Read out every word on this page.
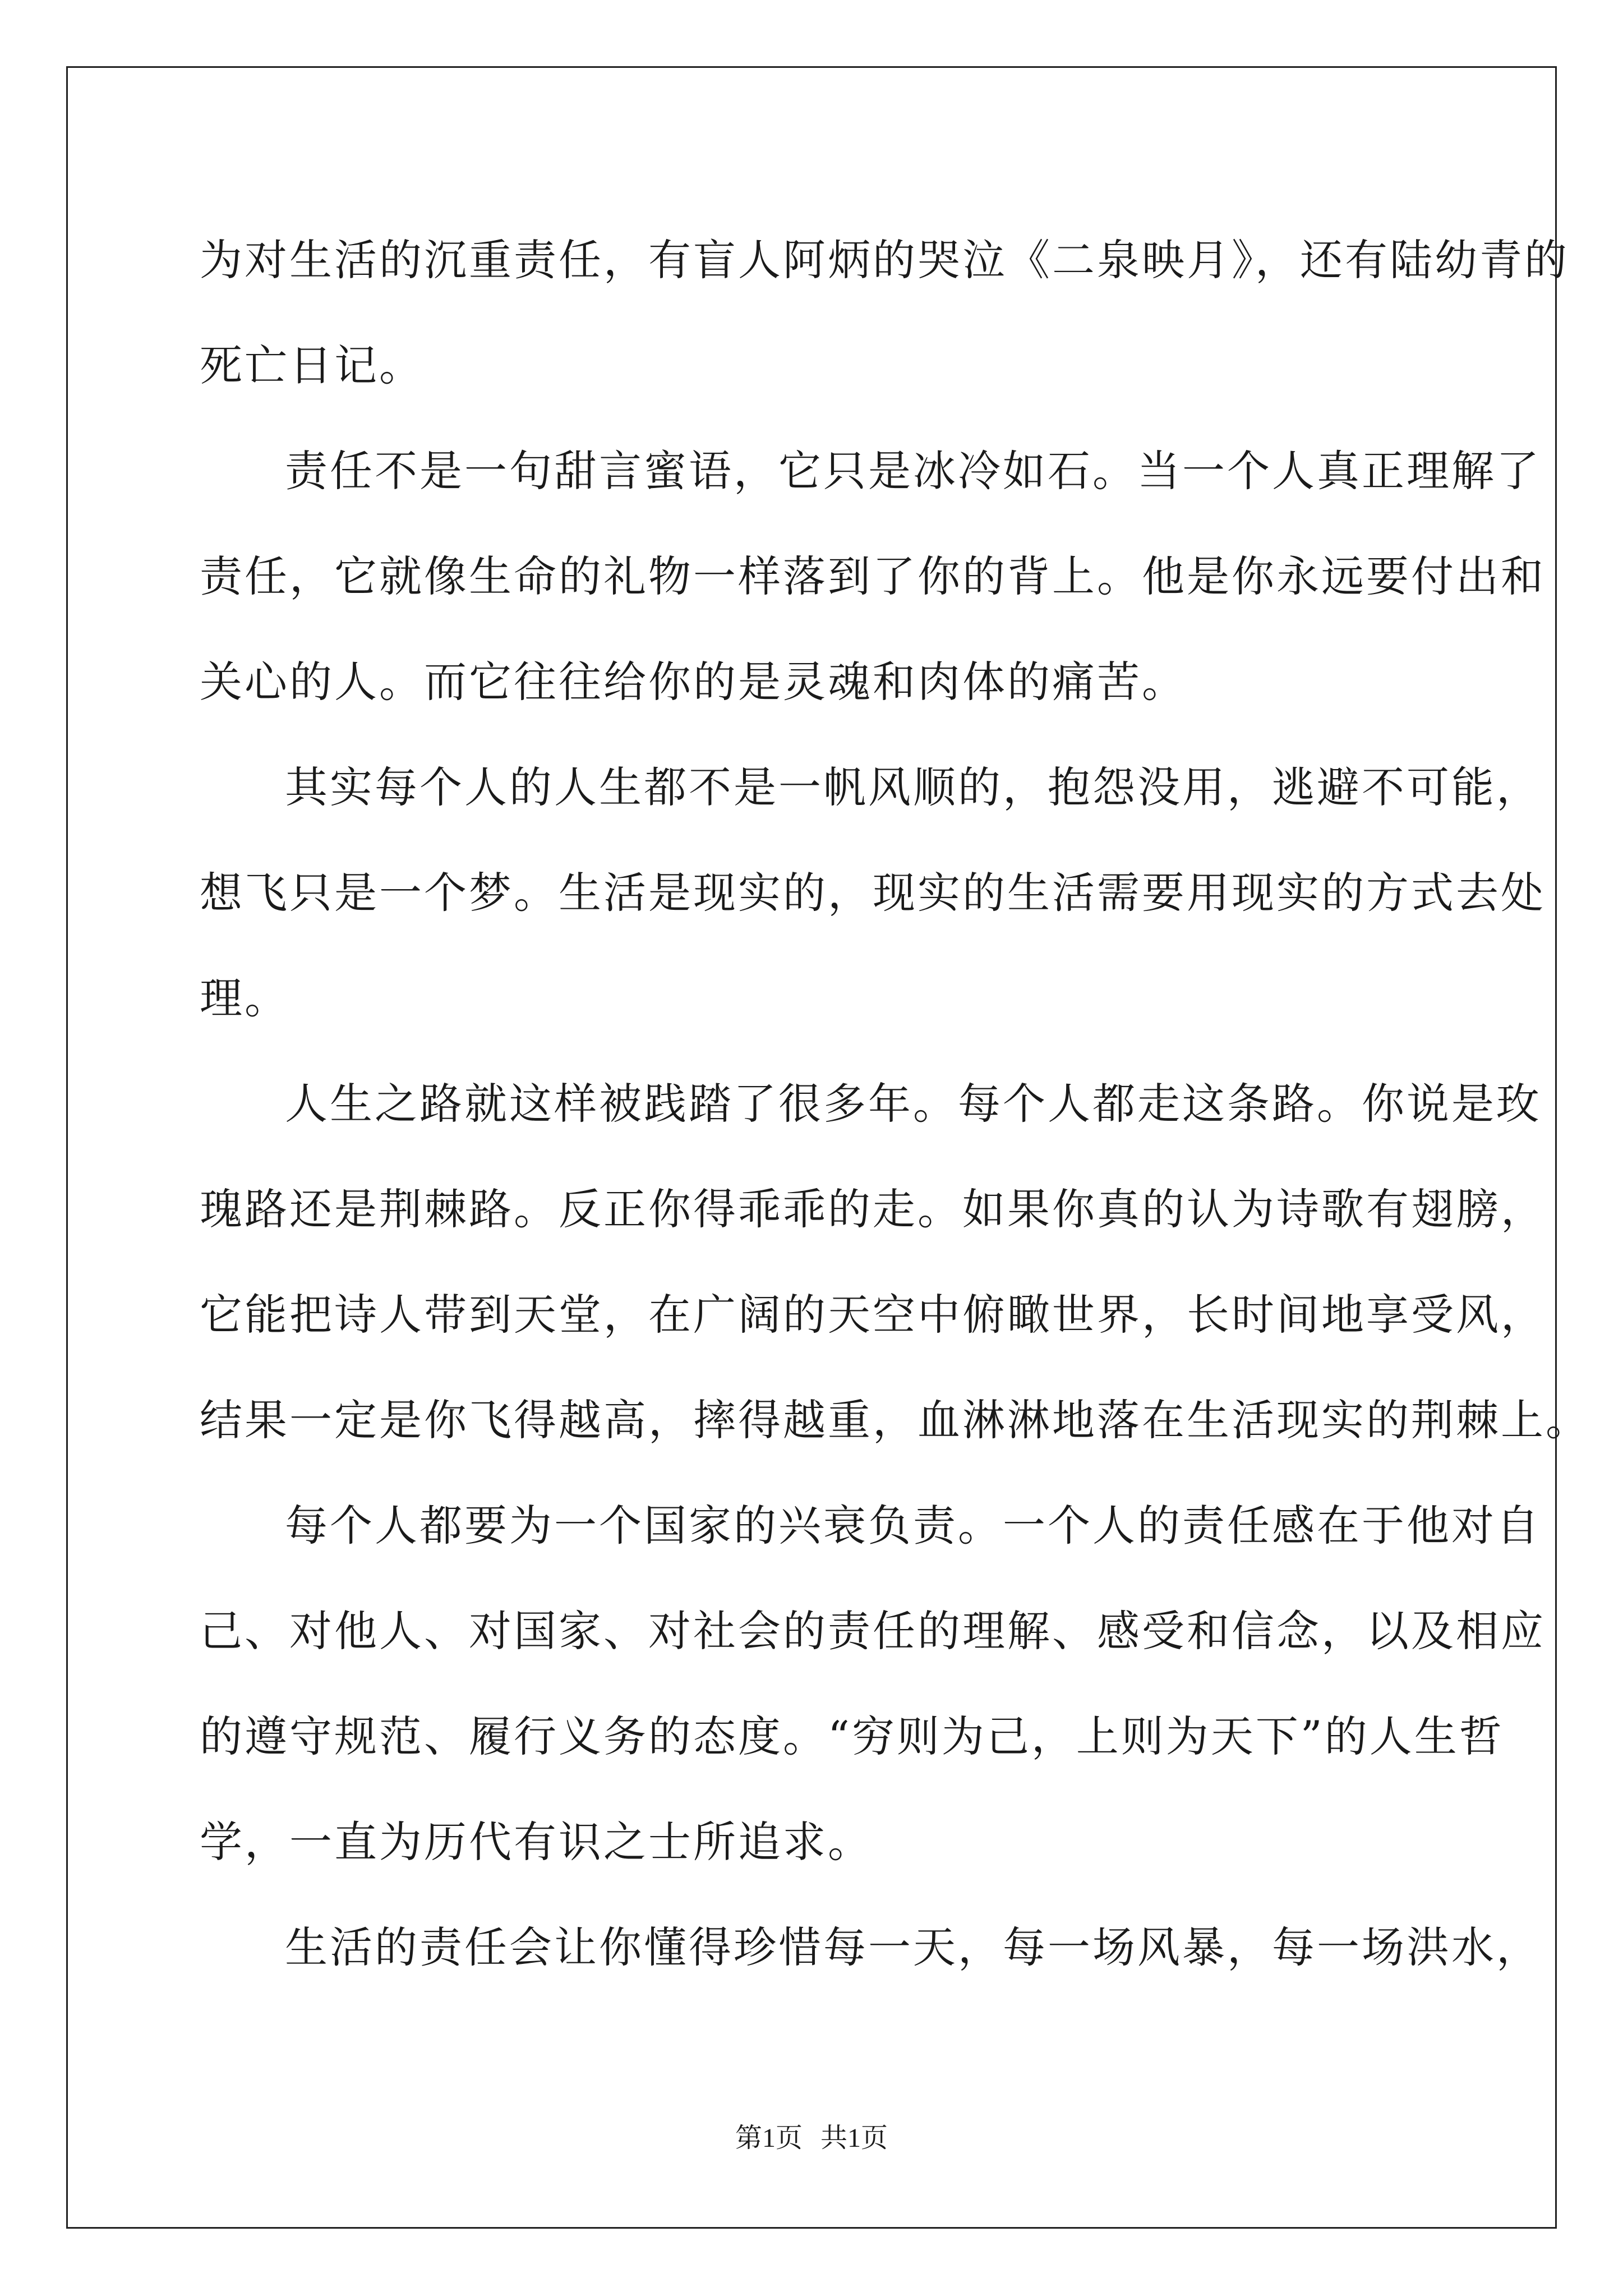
为对生活的沉重责任，有盲人阿炳的哭泣《二泉映月》，还有陆幼青的
死亡日记。
责任不是一句甜言蜜语，它只是冰冷如石。当一个人真正理解了
责任，它就像生命的礼物一样落到了你的背上。他是你永远要付出和
关心的人。而它往往给你的是灵魂和肉体的痛苦。
其实每个人的人生都不是一帆风顺的，抱怨没用，逃避不可能，
想飞只是一个梦。生活是现实的，现实的生活需要用现实的方式去处
理。
人生之路就这样被践踏了很多年。每个人都走这条路。你说是玫
瑰路还是荆棘路。反正你得乖乖的走。如果你真的认为诗歌有翅膀，
它能把诗人带到天堂，在广阔的天空中俯瞰世界，长时间地享受风，
结果一定是你飞得越高，摔得越重，血淋淋地落在生活现实的荆棘上。
每个人都要为一个国家的兴衰负责。一个人的责任感在于他对自
己、对他人、对国家、对社会的责任的理解、感受和信念，以及相应
的遵守规范、履行义务的态度。“穷则为己，上则为天下”的人生哲
学，一直为历代有识之士所追求。
生活的责任会让你懂得珍惜每一天，每一场风暴，每一场洪水，
第1页 共1页
